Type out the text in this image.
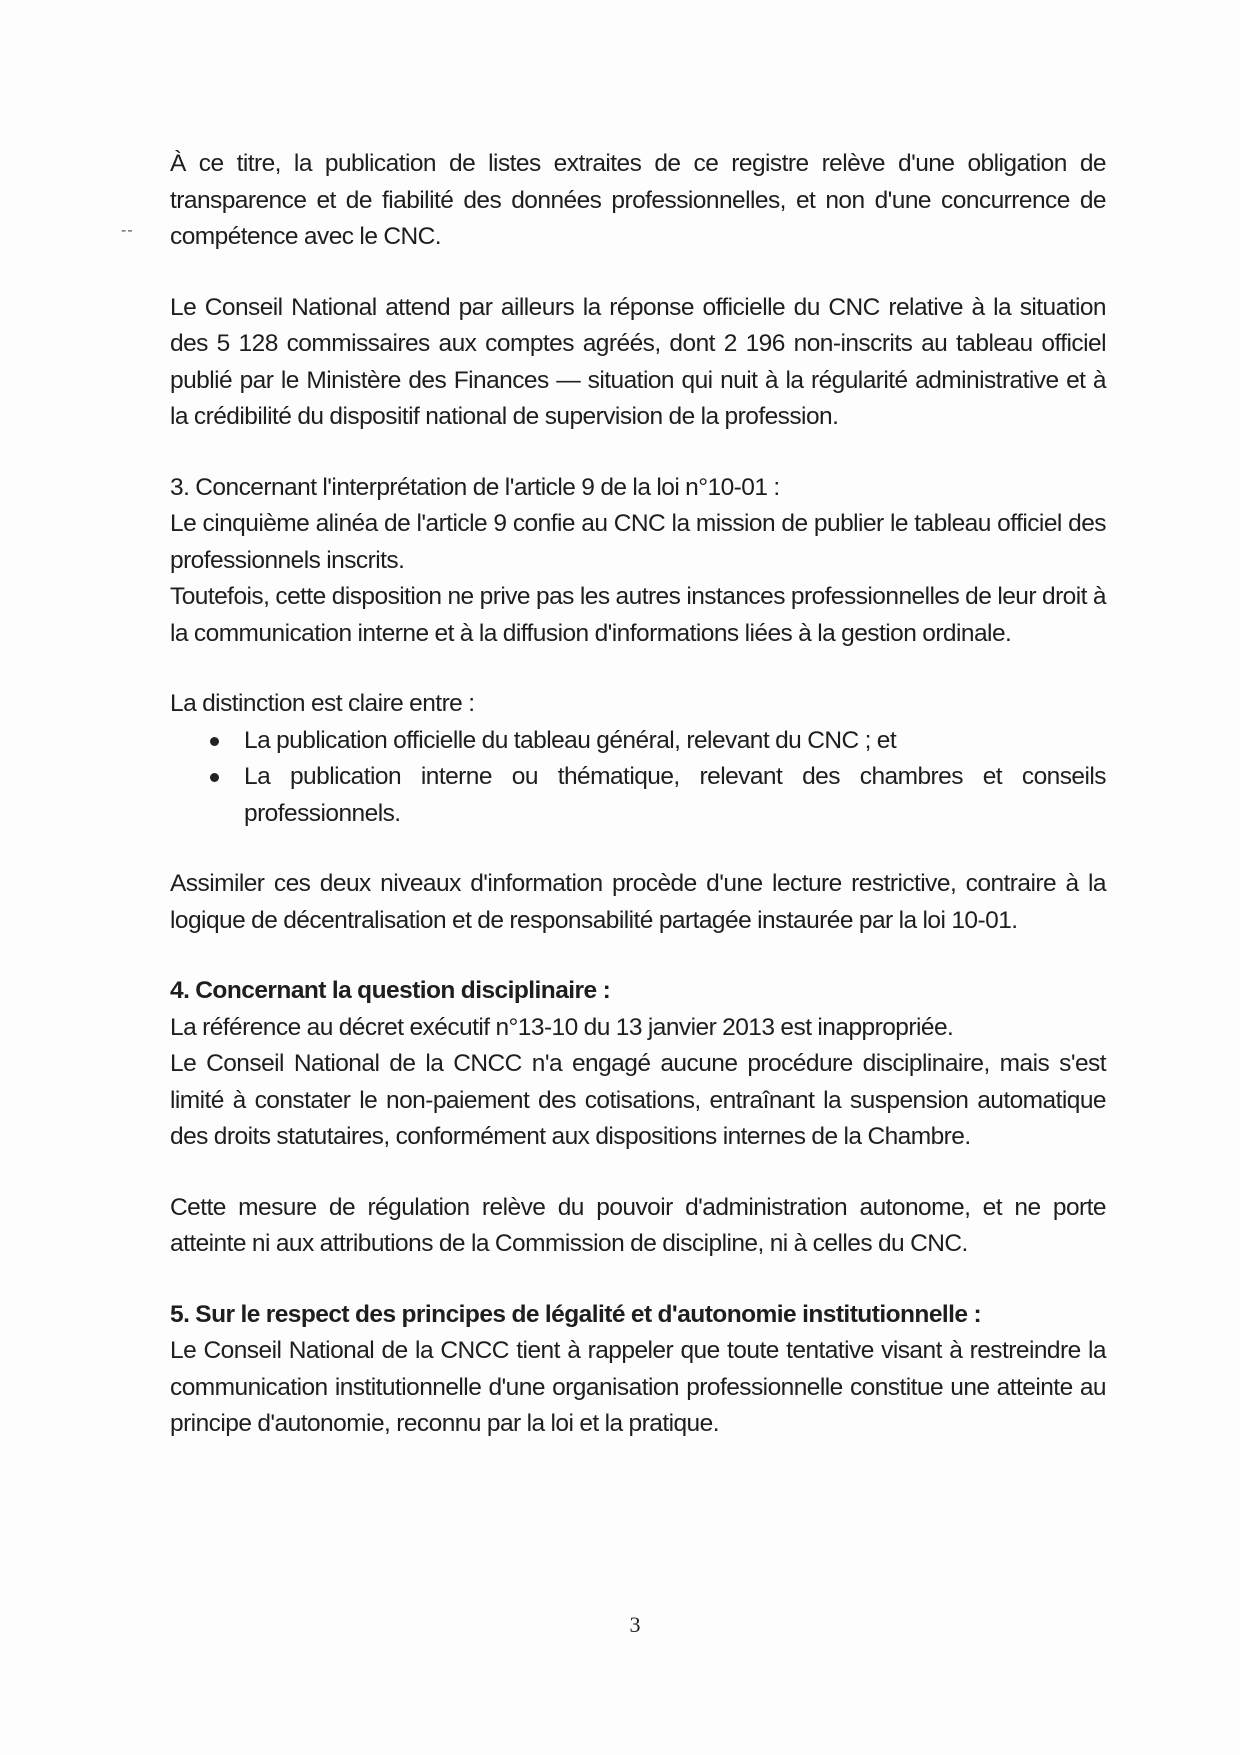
--

À ce titre, la publication de listes extraites de ce registre relève d'une obligation de transparence et de fiabilité des données professionnelles, et non d'une concurrence de compétence avec le CNC.

Le Conseil National attend par ailleurs la réponse officielle du CNC relative à la situation des 5 128 commissaires aux comptes agréés, dont 2 196 non-inscrits au tableau officiel publié par le Ministère des Finances — situation qui nuit à la régularité administrative et à la crédibilité du dispositif national de supervision de la profession.

3. Concernant l'interprétation de l'article 9 de la loi n°10-01 :

Le cinquième alinéa de l'article 9 confie au CNC la mission de publier le tableau officiel des professionnels inscrits.

Toutefois, cette disposition ne prive pas les autres instances professionnelles de leur droit à la communication interne et à la diffusion d'informations liées à la gestion ordinale.

La distinction est claire entre :

La publication officielle du tableau général, relevant du CNC ; et
La publication interne ou thématique, relevant des chambres et conseils professionnels.

Assimiler ces deux niveaux d'information procède d'une lecture restrictive, contraire à la logique de décentralisation et de responsabilité partagée instaurée par la loi 10-01.

4. Concernant la question disciplinaire :

La référence au décret exécutif n°13-10 du 13 janvier 2013 est inappropriée.

Le Conseil National de la CNCC n'a engagé aucune procédure disciplinaire, mais s'est limité à constater le non-paiement des cotisations, entraînant la suspension automatique des droits statutaires, conformément aux dispositions internes de la Chambre.

Cette mesure de régulation relève du pouvoir d'administration autonome, et ne porte atteinte ni aux attributions de la Commission de discipline, ni à celles du CNC.

5. Sur le respect des principes de légalité et d'autonomie institutionnelle :

Le Conseil National de la CNCC tient à rappeler que toute tentative visant à restreindre la communication institutionnelle d'une organisation professionnelle constitue une atteinte au principe d'autonomie, reconnu par la loi et la pratique.

3
